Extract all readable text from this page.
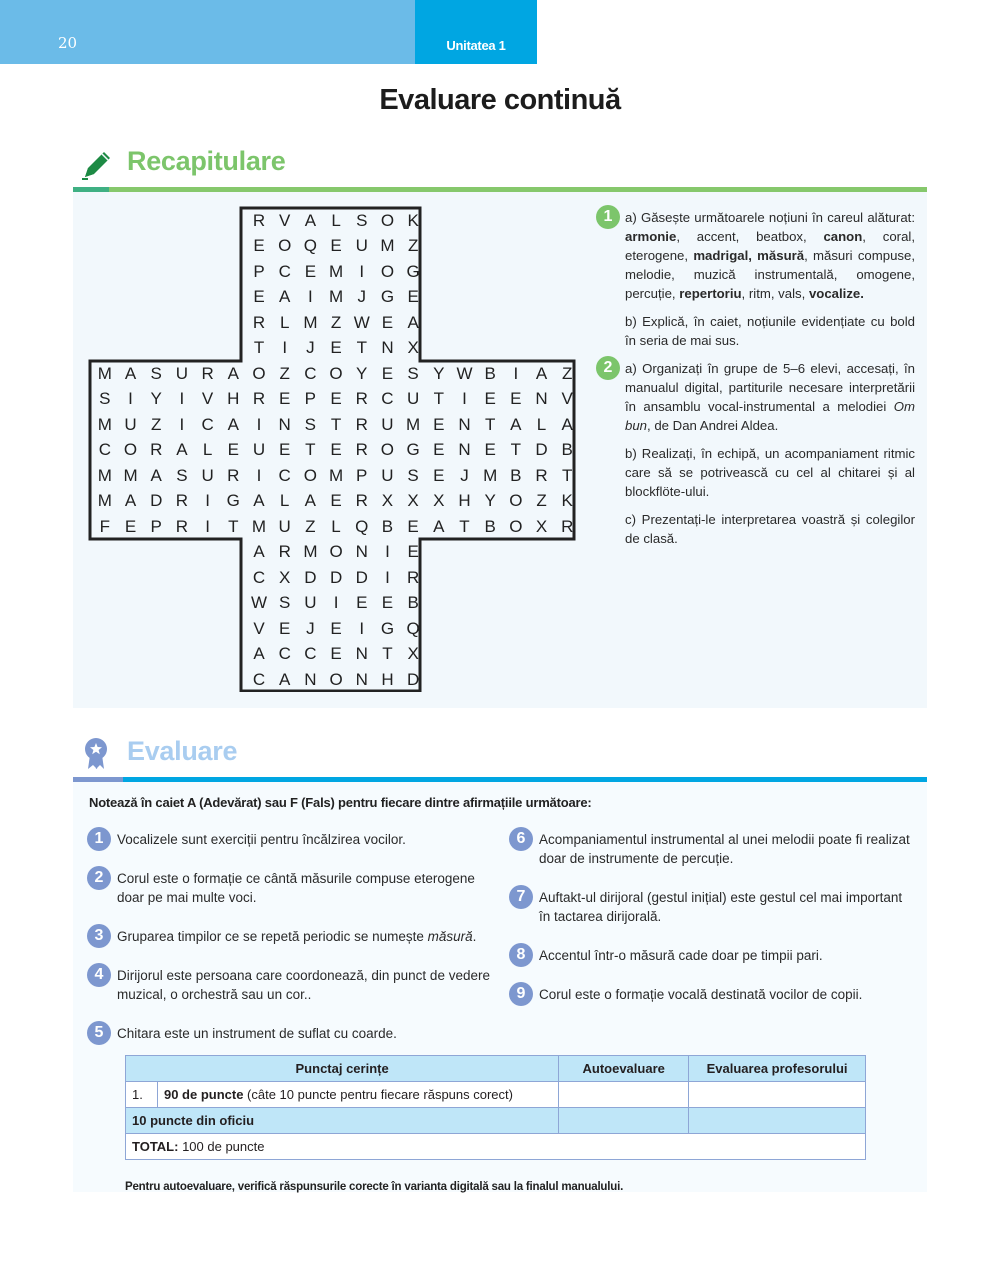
20	Unitatea 1
Evaluare continuă
Recapitulare
R V A L S O K
E O Q E U M Z
P C E M I O G
E A	I M J G E
R L M Z W E A
T	I	J E T N X
M A S U R A O Z C O Y E S Y W B	I	A Z
S	I	Y	I	V H R E P E R C U T	I	E E N V
M U Z	I	C A	I	N S T R U M E N T A L A
C O R A L E U E T E R O G E N E T D B
M M A S U R	I	C O M P U S E J M B R T
M A D R	I G A L A E R X X X H Y O Z K
F E P R	I	T M U Z L Q B E A T B O X R
A R M O N	I	E
C X D D D	I	R
W S U	I	E E B
V E J E	I G Q
A C C E N T X
C A N O N H D
1 a) Găsește următoarele noțiuni în careul alăturat: armonie, accent, beatbox, canon, coral, eterogene, madrigal, măsură, măsuri compuse, melodie, muzică instrumentală, omogene, percuție, repertoriu, ritm, vals, vocalize.

b) Explică, în caiet, noțiunile evidențiate cu bold în seria de mai sus.

2 a) Organizați în grupe de 5–6 elevi, accesați, în manualul digital, partiturile necesare interpretării în ansamblu vocal-instrumental a melodiei Om bun, de Dan Andrei Aldea.

b) Realizați, în echipă, un acompaniament ritmic care să se potrivească cu cel al chitarei și al blockflöte-ului.

c) Prezentați-le interpretarea voastră și colegilor de clasă.

Evaluare
Notează în caiet A (Adevărat) sau F (Fals) pentru fiecare dintre afirmațiile următoare:
1	Vocalizele sunt exerciții pentru încălzirea vocilor.
2	Corul este o formație ce cântă măsurile compuse eterogene doar pe mai multe voci.
3	Gruparea timpilor ce se repetă periodic se numește măsură.
4	Dirijorul este persoana care coordonează, din punct de vedere muzical, o orchestră sau un cor..
5	Chitara este un instrument de suflat cu coarde.
6	Acompaniamentul instrumental al unei melodii poate fi realizat doar de instrumente de percuție.
7	Auftakt-ul dirijoral (gestul inițial) este gestul cel mai important în tactarea dirijorală.
8	Accentul într-o măsură cade doar pe timpii pari.
9	Corul este o formație vocală destinată vocilor de copii.
Punctaj cerințe		Autoevaluare	Evaluarea profesorului
1.	90 de puncte (câte 10 puncte pentru fiecare răspuns corect)		
10 puncte din oficiu			
TOTAL: 100 de puncte			
Pentru autoevaluare, verifică răspunsurile corecte în varianta digitală sau la finalul manualului.
